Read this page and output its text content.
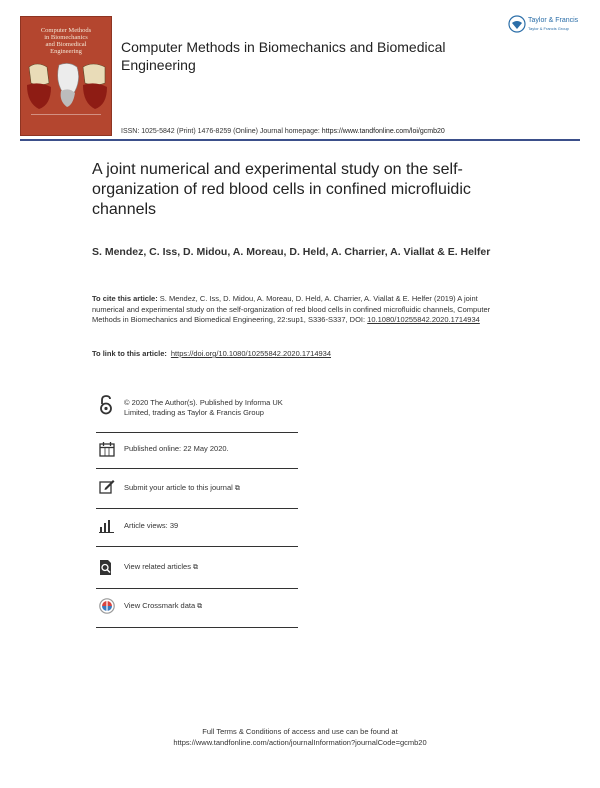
Computer Methods
in Biomechanics
and Biomedical
Engineering	Computer Methods in Biomechanics and Biomedical Engineering
Taylor & Francis
Taylor & Francis Group
ISSN: 1025-5842 (Print) 1476-8259 (Online) Journal homepage: https://www.tandfonline.com/loi/gcmb20
A joint numerical and experimental study on the self-organization of red blood cells in confined microfluidic channels
S. Mendez, C. Iss, D. Midou, A. Moreau, D. Held, A. Charrier, A. Viallat & E. Helfer
To cite this article: S. Mendez, C. Iss, D. Midou, A. Moreau, D. Held, A. Charrier, A. Viallat & E. Helfer (2019) A joint numerical and experimental study on the self-organization of red blood cells in confined microfluidic channels, Computer Methods in Biomechanics and Biomedical Engineering, 22:sup1, S336-S337, DOI: 10.1080/10255842.2020.1714934
To link to this article: https://doi.org/10.1080/10255842.2020.1714934
© 2020 The Author(s). Published by Informa UK Limited, trading as Taylor & Francis Group
Published online: 22 May 2020.
Submit your article to this journal ⧉
Article views: 39
View related articles ⧉
View Crossmark data ⧉
Full Terms & Conditions of access and use can be found at
https://www.tandfonline.com/action/journalInformation?journalCode=gcmb20
